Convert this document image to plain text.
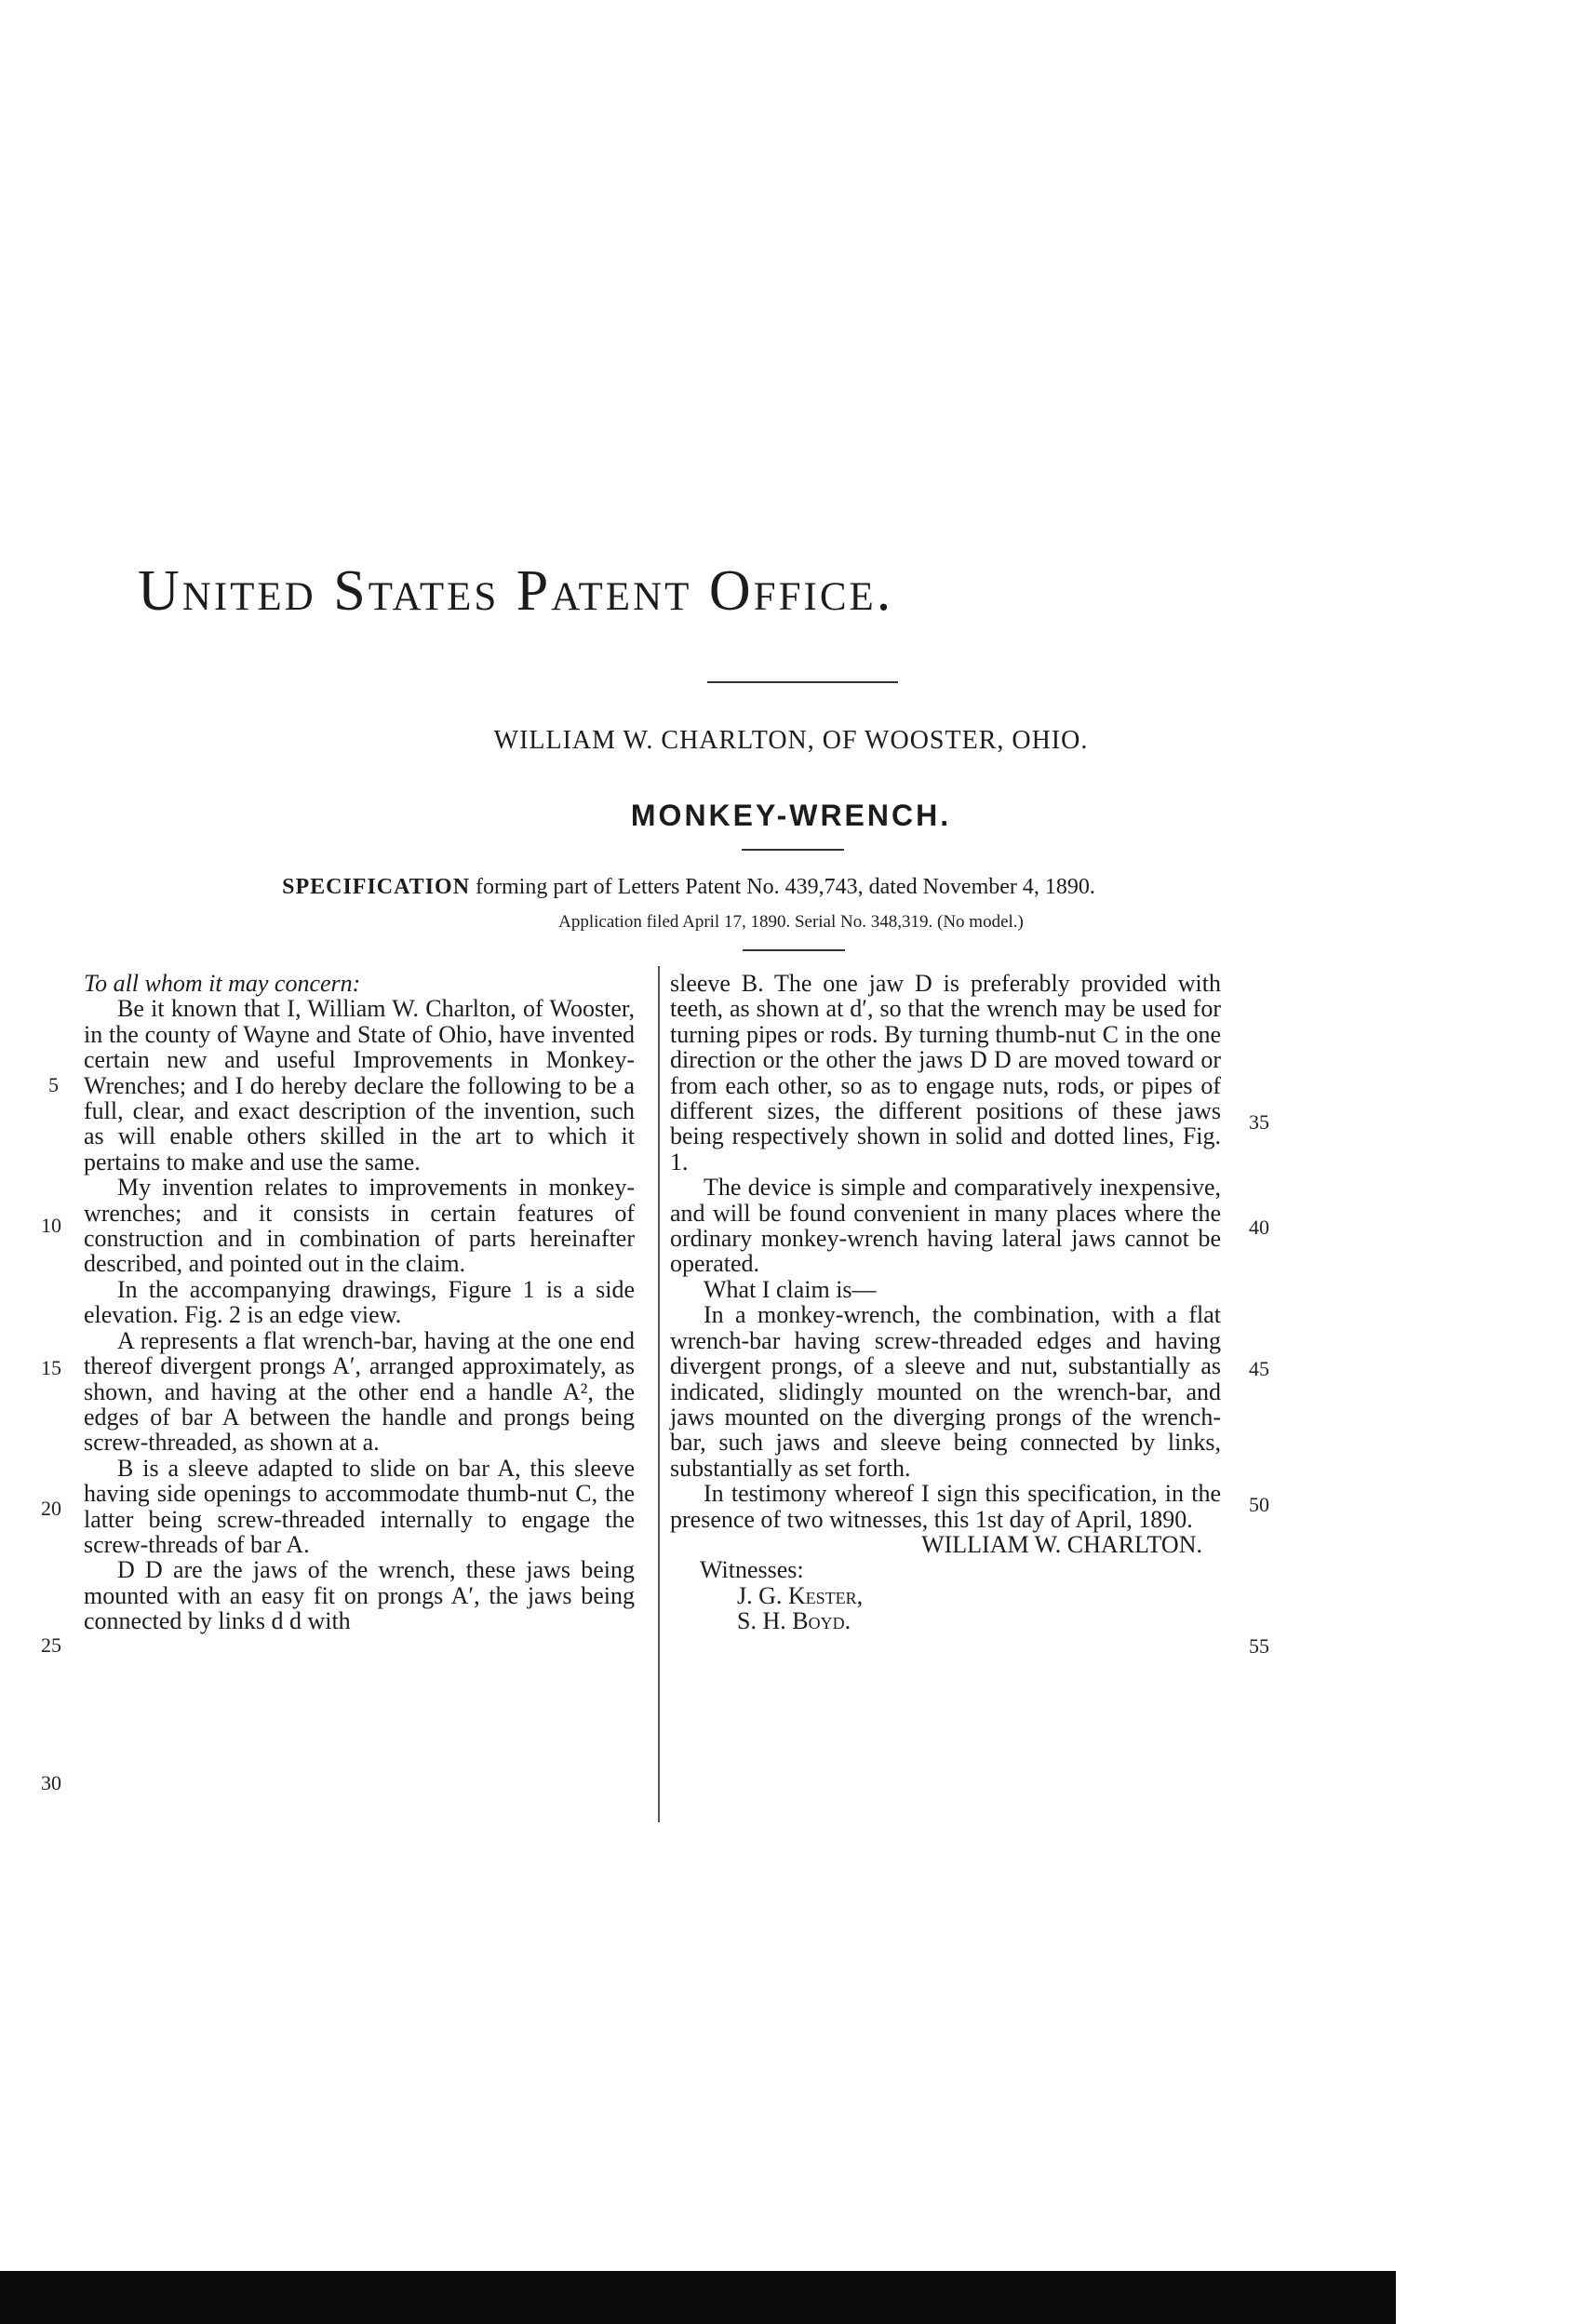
United States Patent Office.
WILLIAM W. CHARLTON, OF WOOSTER, OHIO.
MONKEY-WRENCH.
SPECIFICATION forming part of Letters Patent No. 439,743, dated November 4, 1890.
Application filed April 17, 1890. Serial No. 348,319. (No model.)

To all whom it may concern:

Be it known that I, William W. Charlton, of Wooster, in the county of Wayne and State of Ohio, have invented certain new and useful Improvements in Monkey-Wrenches; and I do hereby declare the following to be a full, clear, and exact description of the invention, such as will enable others skilled in the art to which it pertains to make and use the same.

My invention relates to improvements in monkey-wrenches; and it consists in certain features of construction and in combination of parts hereinafter described, and pointed out in the claim.

In the accompanying drawings, Figure 1 is a side elevation. Fig. 2 is an edge view.

A represents a flat wrench-bar, having at the one end thereof divergent prongs A′, arranged approximately, as shown, and having at the other end a handle A², the edges of bar A between the handle and prongs being screw-threaded, as shown at a.

B is a sleeve adapted to slide on bar A, this sleeve having side openings to accommodate thumb-nut C, the latter being screw-threaded internally to engage the screw-threads of bar A.

D D are the jaws of the wrench, these jaws being mounted with an easy fit on prongs A′, the jaws being connected by links d d with

sleeve B. The one jaw D is preferably provided with teeth, as shown at d′, so that the wrench may be used for turning pipes or rods. By turning thumb-nut C in the one direction or the other the jaws D D are moved toward or from each other, so as to engage nuts, rods, or pipes of different sizes, the different positions of these jaws being respectively shown in solid and dotted lines, Fig. 1.

The device is simple and comparatively inexpensive, and will be found convenient in many places where the ordinary monkey-wrench having lateral jaws cannot be operated.

What I claim is—

In a monkey-wrench, the combination, with a flat wrench-bar having screw-threaded edges and having divergent prongs, of a sleeve and nut, substantially as indicated, slidingly mounted on the wrench-bar, and jaws mounted on the diverging prongs of the wrench-bar, such jaws and sleeve being connected by links, substantially as set forth.

In testimony whereof I sign this specification, in the presence of two witnesses, this 1st day of April, 1890.

WILLIAM W. CHARLTON.

Witnesses:

J. G. Kester,

S. H. Boyd.

5
10
15
20
25
30
35
40
45
50
55
